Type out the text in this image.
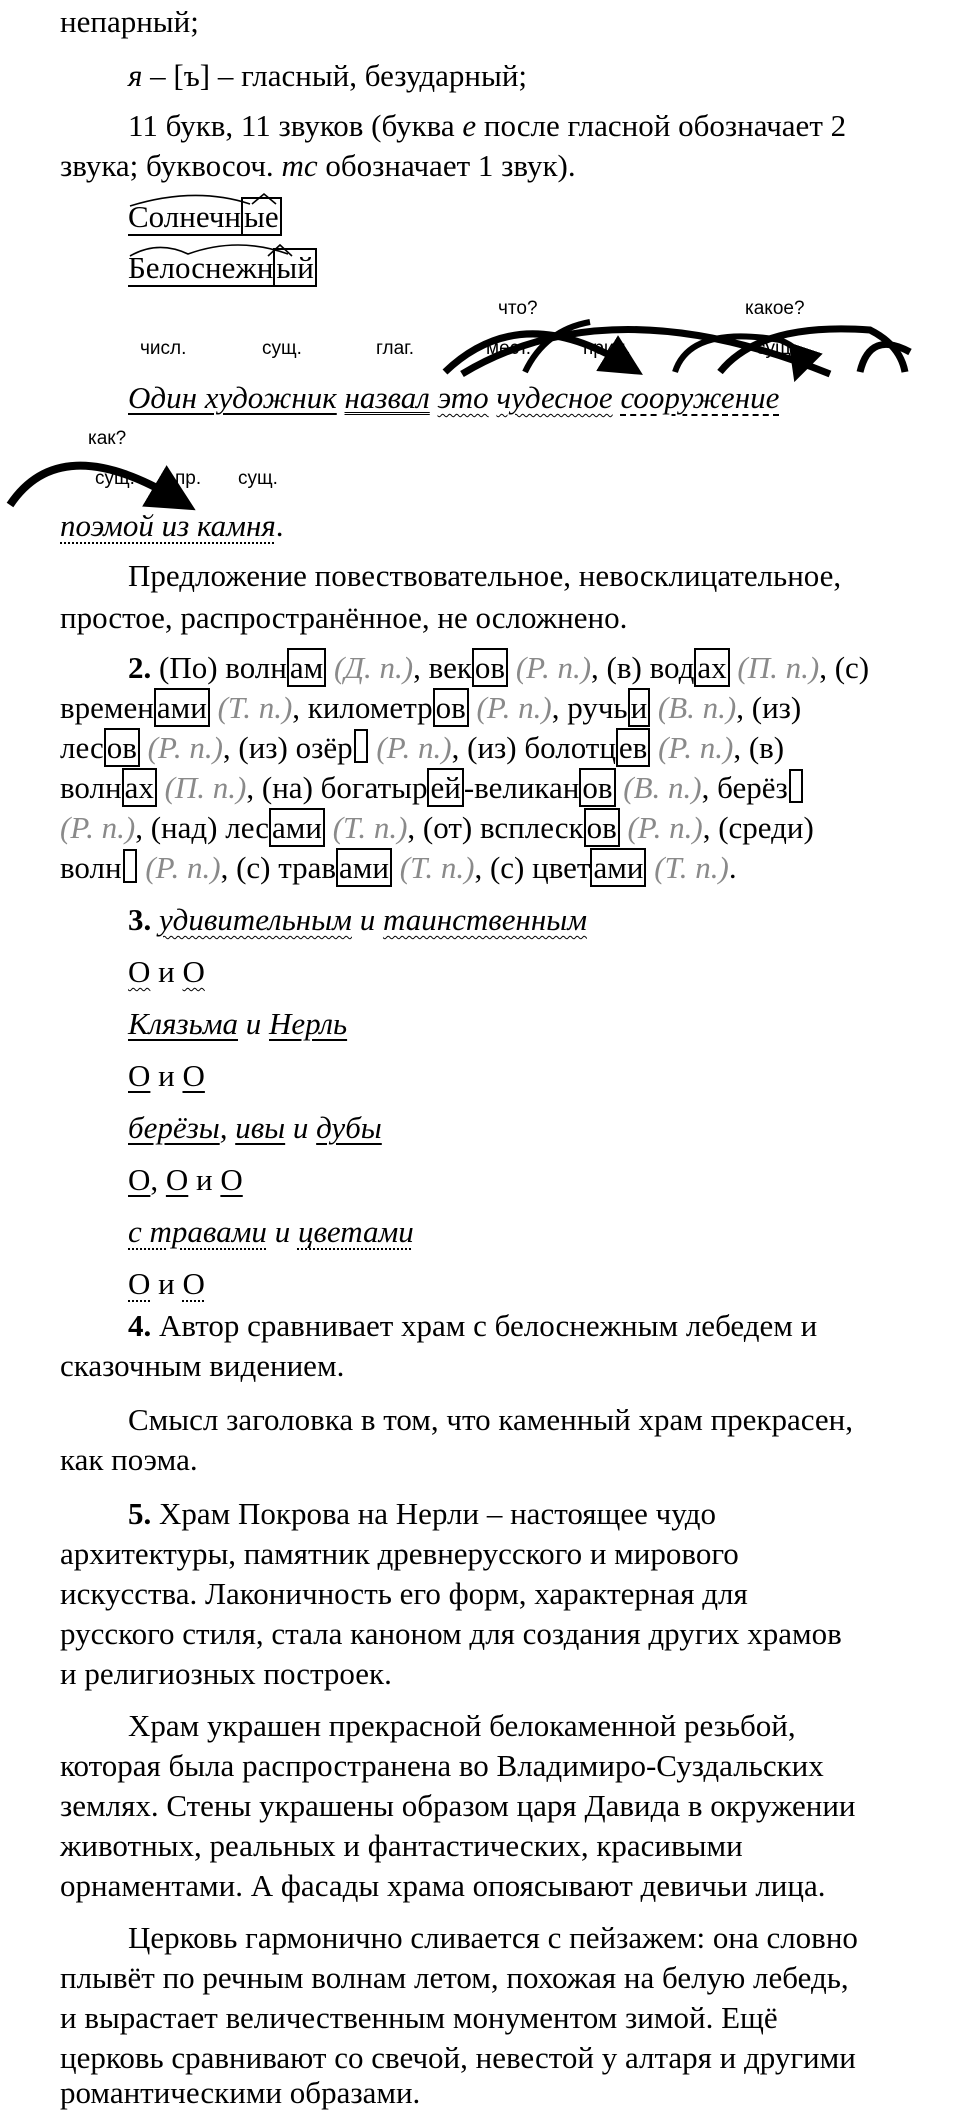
непарный;
я – [ъ] – гласный, безударный;
11 букв, 11 звуков (буква е после гласной обозначает 2
звука; буквосоч. тс обозначает 1 звук).
Солнечные
Белоснежный
что?	какое?
числ.	сущ.	глаг.	мест.	прил.	сущ.
Один художник назвал это чудесное сооружение
как?
сущ. пр. сущ.
поэмой из камня.
Предложение повествовательное, невосклицательное,
простое, распространённое, не осложнено.
2. (По) волнам (Д. п.), веков (Р. п.), (в) водах (П. п.), (с)
временами (Т. п.), километров (Р. п.), ручьи (В. п.), (из)
лесов (Р. п.), (из) озёр (Р. п.), (из) болотцев (Р. п.), (в)
волнах (П. п.), (на) богатырей-великанов (В. п.), берёз
(Р. п.), (над) лесами (Т. п.), (от) всплесков (Р. п.), (среди)
волн (Р. п.), (с) травами (Т. п.), (с) цветами (Т. п.).
3. удивительным и таинственным
О и О
Клязьма и Нерль
О и О
берёзы, ивы и дубы
О, О и О
с травами и цветами
О и О
4. Автор сравнивает храм с белоснежным лебедем и
сказочным видением.
Смысл заголовка в том, что каменный храм прекрасен,
как поэма.
5. Храм Покрова на Нерли – настоящее чудо
архитектуры, памятник древнерусского и мирового
искусства. Лаконичность его форм, характерная для
русского стиля, стала каноном для создания других храмов
и религиозных построек.
Храм украшен прекрасной белокаменной резьбой,
которая была распространена во Владимиро-Суздальских
землях. Стены украшены образом царя Давида в окружении
животных, реальных и фантастических, красивыми
орнаментами. А фасады храма опоясывают девичьи лица.
Церковь гармонично сливается с пейзажем: она словно
плывёт по речным волнам летом, похожая на белую лебедь,
и вырастает величественным монументом зимой. Ещё
церковь сравнивают со свечой, невестой у алтаря и другими
романтическими образами.
